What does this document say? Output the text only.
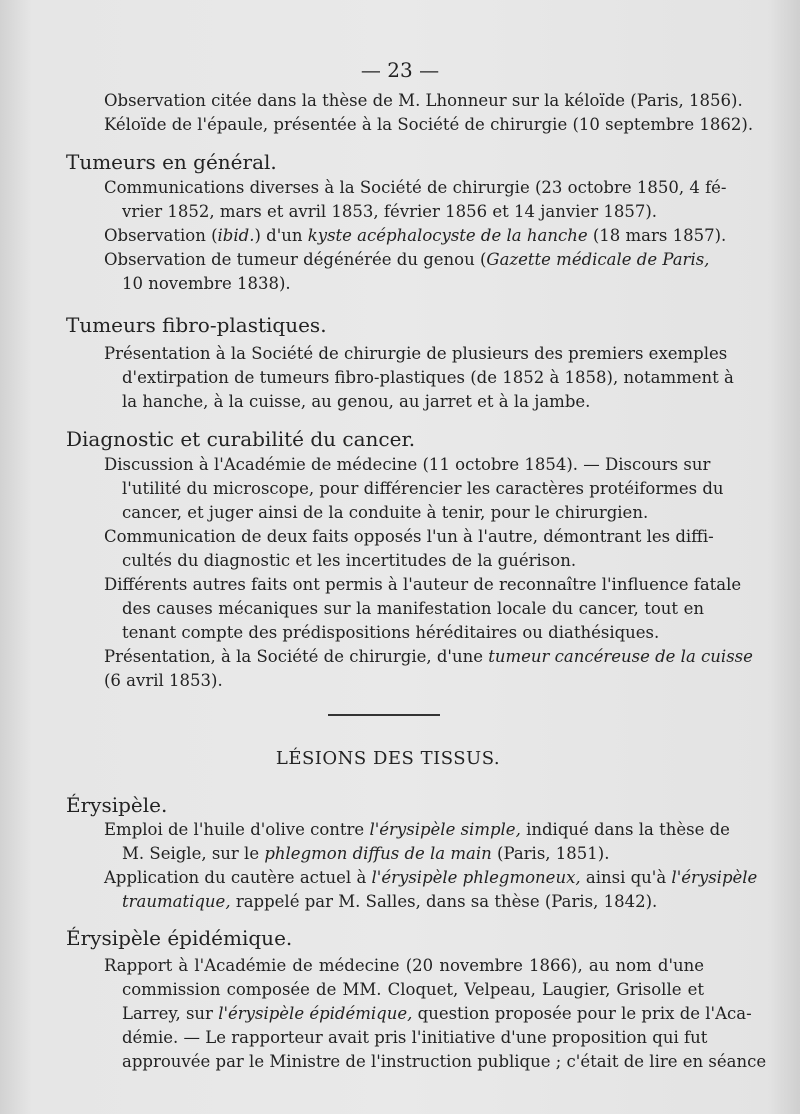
— 23 —
Observation citée dans la thèse de M. Lhonneur sur la kéloïde (Paris, 1856).
Kéloïde de l'épaule, présentée à la Société de chirurgie (10 septembre 1862).
Tumeurs en général.
Communications diverses à la Société de chirurgie (23 octobre 1850, 4 fé-
vrier 1852, mars et avril 1853, février 1856 et 14 janvier 1857).
Observation (ibid.) d'un kyste acéphalocyste de la hanche (18 mars 1857).
Observation de tumeur dégénérée du genou (Gazette médicale de Paris,
10 novembre 1838).
Tumeurs fibro-plastiques.
Présentation à la Société de chirurgie de plusieurs des premiers exemples
d'extirpation de tumeurs fibro-plastiques (de 1852 à 1858), notamment à
la hanche, à la cuisse, au genou, au jarret et à la jambe.
Diagnostic et curabilité du cancer.
Discussion à l'Académie de médecine (11 octobre 1854). — Discours sur
l'utilité du microscope, pour différencier les caractères protéiformes du
cancer, et juger ainsi de la conduite à tenir, pour le chirurgien.
Communication de deux faits opposés l'un à l'autre, démontrant les diffi-
cultés du diagnostic et les incertitudes de la guérison.
Différents autres faits ont permis à l'auteur de reconnaître l'influence fatale
des causes mécaniques sur la manifestation locale du cancer, tout en
tenant compte des prédispositions héréditaires ou diathésiques.
Présentation, à la Société de chirurgie, d'une tumeur cancéreuse de la cuisse
(6 avril 1853).
LÉSIONS DES TISSUS.
Érysipèle.
Emploi de l'huile d'olive contre l'érysipèle simple, indiqué dans la thèse de
M. Seigle, sur le phlegmon diffus de la main (Paris, 1851).
Application du cautère actuel à l'érysipèle phlegmoneux, ainsi qu'à l'érysipèle
traumatique, rappelé par M. Salles, dans sa thèse (Paris, 1842).
Érysipèle épidémique.
Rapport à l'Académie de médecine (20 novembre 1866), au nom d'une
commission composée de MM. Cloquet, Velpeau, Laugier, Grisolle et
Larrey, sur l'érysipèle épidémique, question proposée pour le prix de l'Aca-
démie. — Le rapporteur avait pris l'initiative d'une proposition qui fut
approuvée par le Ministre de l'instruction publique ; c'était de lire en séance
